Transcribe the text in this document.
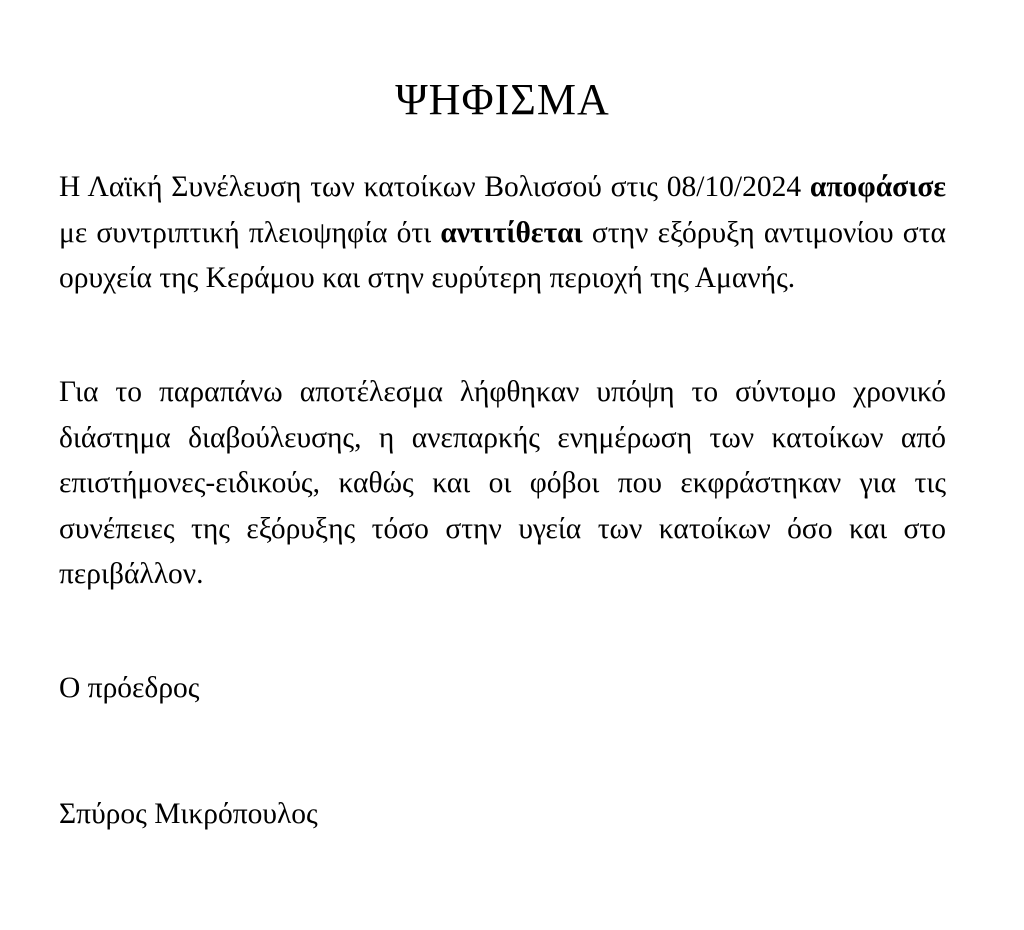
ΨΗΦΙΣΜΑ

Η Λαϊκή Συνέλευση των κατοίκων Βολισσού στις 08/10/2024 αποφάσισε με συντριπτική πλειοψηφία ότι αντιτίθεται στην εξόρυξη αντιμονίου στα ορυχεία της Κεράμου και στην ευρύτερη περιοχή της Αμανής.

Για το παραπάνω αποτέλεσμα λήφθηκαν υπόψη το σύντομο χρονικό διάστημα διαβούλευσης, η ανεπαρκής ενημέρωση των κατοίκων από επιστήμονες-ειδικούς, καθώς και οι φόβοι που εκφράστηκαν για τις συνέπειες της εξόρυξης τόσο στην υγεία των κατοίκων όσο και στο περιβάλλον.

Ο πρόεδρος

Σπύρος Μικρόπουλος
